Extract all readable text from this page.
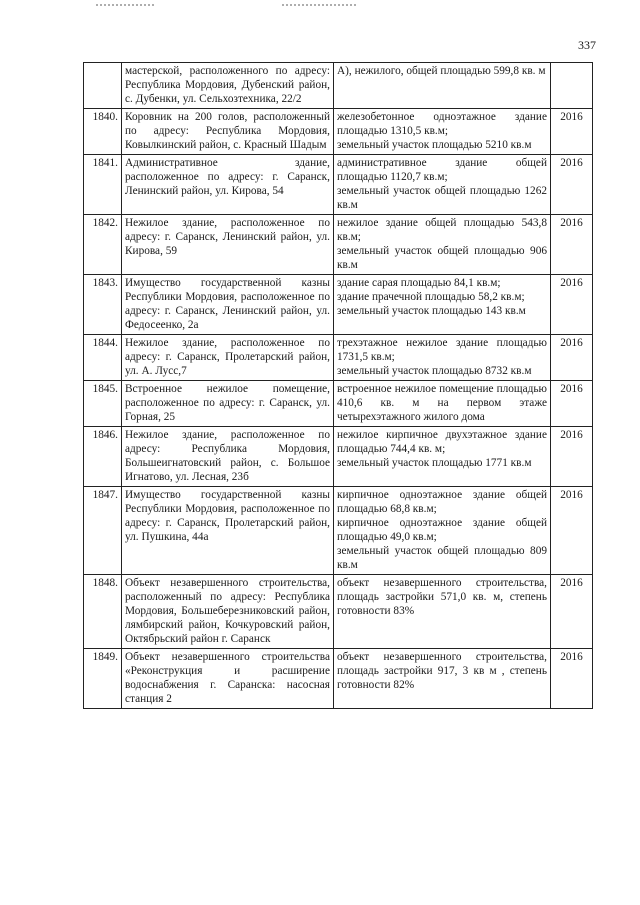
337
	мастерской, расположенного по адресу: Республика Мордовия, Дубенский район, с. Дубенки, ул. Сельхозтехника, 22/2	А), нежилого, общей площадью 599,8 кв. м	

1840.	Коровник на 200 голов, расположенный по адресу: Республика Мордовия, Ковылкинский район, с. Красный Шадым	железобетонное одноэтажное здание площадью 1310,5 кв.м;
земельный участок площадью 5210 кв.м	2016
1841.	Административное здание, расположенное по адресу: г. Саранск, Ленинский район, ул. Кирова, 54	административное здание общей площадью 1120,7 кв.м;
земельный участок общей площадью 1262 кв.м	2016
1842.	Нежилое здание, расположенное по адресу: г. Саранск, Ленинский район, ул. Кирова, 59	нежилое здание общей площадью 543,8 кв.м;
земельный участок общей площадью 906 кв.м	2016
1843.	Имущество государственной казны Республики Мордовия, расположенное по адресу: г. Саранск, Ленинский район, ул. Федосеенко, 2а	здание сарая площадью 84,1 кв.м;
здание прачечной площадью 58,2 кв.м;
земельный участок площадью 143 кв.м	2016
1844.	Нежилое здание, расположенное по адресу: г. Саранск, Пролетарский район, ул. А. Лусс,7	трехэтажное нежилое здание площадью 1731,5 кв.м;
земельный участок площадью 8732 кв.м	2016
1845.	Встроенное нежилое помещение, расположенное по адресу: г. Саранск, ул. Горная, 25	встроенное нежилое помещение площадью 410,6 кв. м на первом этаже четырехэтажного жилого дома	2016
1846.	Нежилое здание, расположенное по адресу: Республика Мордовия, Большеигнатовский район, с. Большое Игнатово, ул. Лесная, 23б	нежилое кирпичное двухэтажное здание площадью 744,4 кв. м;
земельный участок площадью 1771 кв.м	2016
1847.	Имущество государственной казны Республики Мордовия, расположенное по адресу: г. Саранск, Пролетарский район, ул. Пушкина, 44а	кирпичное одноэтажное здание общей площадью 68,8 кв.м;
кирпичное одноэтажное здание общей площадью 49,0 кв.м;
земельный участок общей площадью 809 кв.м	2016
1848.	Объект незавершенного строительства, расположенный по адресу: Республика Мордовия, Большеберезниковский район, лямбирский район, Кочкуровский район, Октябрьский район г. Саранск	объект незавершенного строительства, площадь застройки 571,0 кв. м, степень готовности 83%	2016
1849.	Объект незавершенного строительства «Реконструкция и расширение водоснабжения г. Саранска: насосная станция 2	объект незавершенного строительства, площадь застройки 917, 3 кв м , степень готовности 82%	2016
